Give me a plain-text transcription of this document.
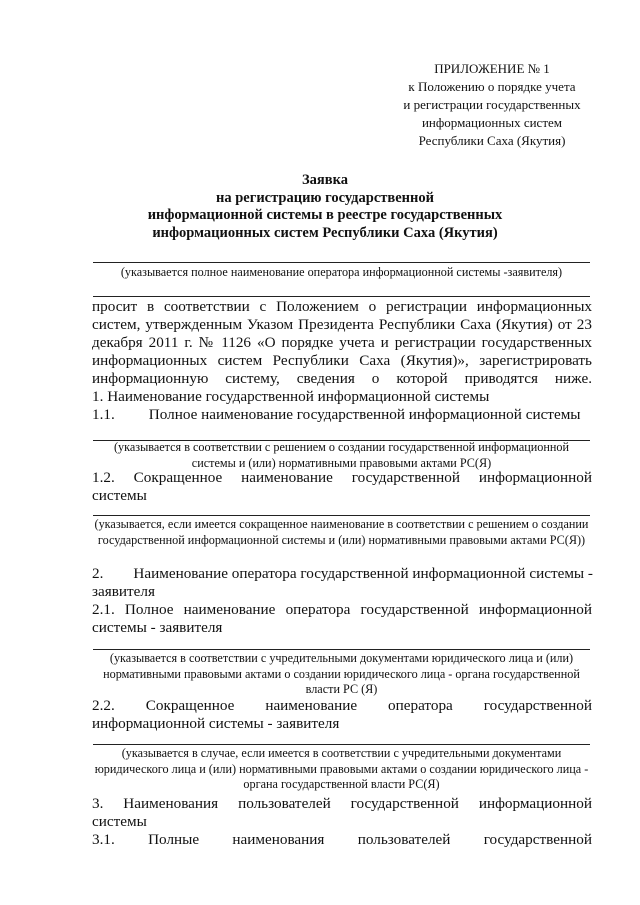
ПРИЛОЖЕНИЕ № 1
к Положению о порядке учета
и регистрации государственных
информационных систем
Республики Саха (Якутия)
Заявка
на регистрацию государственной
информационной системы в реестре государственных
информационных систем Республики Саха (Якутия)
(указывается полное наименование оператора информационной системы -заявителя)
просит в соответствии с Положением о регистрации информационных систем, утвержденным Указом Президента Республики Саха (Якутия) от 23 декабря 2011 г. № 1126 «О порядке учета и регистрации государственных информационных систем Республики Саха (Якутия)», зарегистрировать информационную систему, сведения о которой приводятся ниже.
1. Наименование государственной информационной системы
1.1. Полное наименование государственной информационной системы
(указывается в соответствии с решением о создании государственной информационной системы и (или) нормативными правовыми актами РС(Я)
1.2. Сокращенное наименование государственной информационной
системы
(указывается, если имеется сокращенное наименование в соответствии с решением о создании государственной информационной системы и (или) нормативными правовыми актами РС(Я))
2. Наименование оператора государственной информационной системы -
заявителя
2.1. Полное наименование оператора государственной информационной системы - заявителя
(указывается в соответствии с учредительными документами юридического лица и (или) нормативными правовыми актами о создании юридического лица - органа государственной власти РС (Я)
2.2. Сокращенное наименование оператора государственной
информационной системы - заявителя
(указывается в случае, если имеется в соответствии с учредительными документами юридического лица и (или) нормативными правовыми актами о создании юридического лица - органа государственной власти РС(Я)
3. Наименования пользователей государственной информационной
системы
3.1. Полные наименования пользователей государственной
